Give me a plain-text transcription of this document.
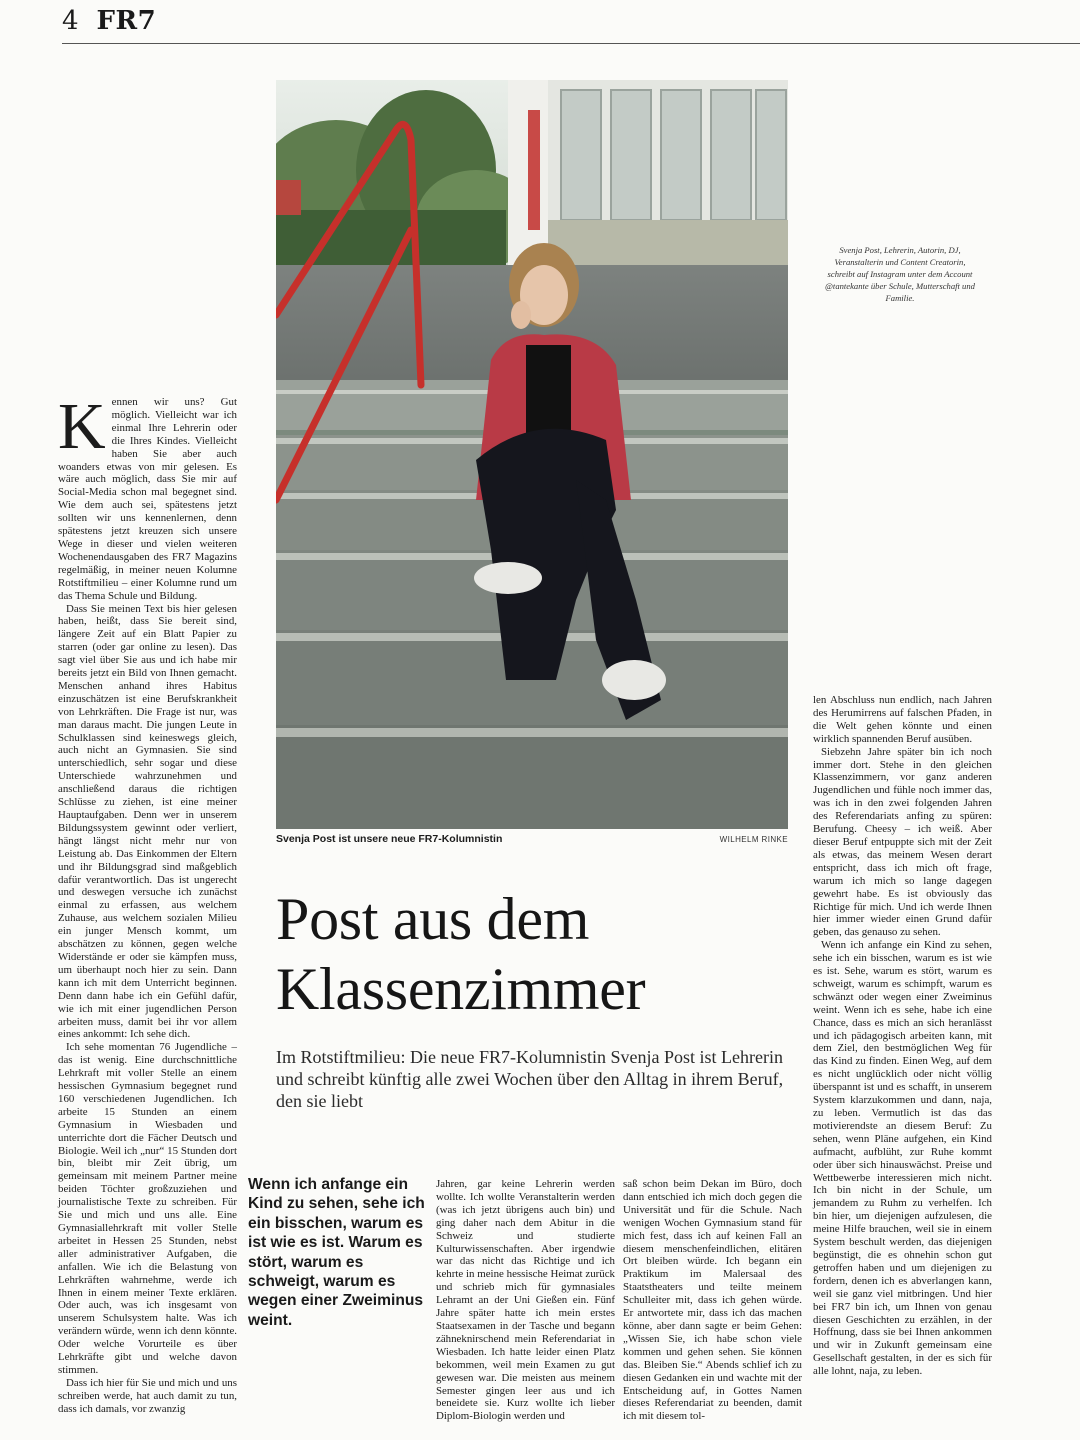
4 FR7

Kennen wir uns? Gut möglich. Vielleicht war ich einmal Ihre Lehrerin oder die Ihres Kindes. Vielleicht haben Sie aber auch woanders etwas von mir gelesen. Es wäre auch möglich, dass Sie mir auf Social-Media schon mal begegnet sind. Wie dem auch sei, spätestens jetzt sollten wir uns kennenlernen, denn spätestens jetzt kreuzen sich unsere Wege in dieser und vielen weiteren Wochenendausgaben des FR7 Magazins regelmäßig, in meiner neuen Kolumne Rotstiftmilieu – einer Kolumne rund um das Thema Schule und Bildung.

Dass Sie meinen Text bis hier gelesen haben, heißt, dass Sie bereit sind, längere Zeit auf ein Blatt Papier zu starren (oder gar online zu lesen). Das sagt viel über Sie aus und ich habe mir bereits jetzt ein Bild von Ihnen gemacht. Menschen anhand ihres Habitus einzuschätzen ist eine Berufskrankheit von Lehrkräften. Die Frage ist nur, was man daraus macht. Die jungen Leute in Schulklassen sind keineswegs gleich, auch nicht an Gymnasien. Sie sind unterschiedlich, sehr sogar und diese Unterschiede wahrzunehmen und anschließend daraus die richtigen Schlüsse zu ziehen, ist eine meiner Hauptaufgaben. Denn wer in unserem Bildungssystem gewinnt oder verliert, hängt längst nicht mehr nur von Leistung ab. Das Einkommen der Eltern und ihr Bildungsgrad sind maßgeblich dafür verantwortlich. Das ist ungerecht und deswegen versuche ich zunächst einmal zu erfassen, aus welchem Zuhause, aus welchem sozialen Milieu ein junger Mensch kommt, um abschätzen zu können, gegen welche Widerstände er oder sie kämpfen muss, um überhaupt noch hier zu sein. Dann kann ich mit dem Unterricht beginnen. Denn dann habe ich ein Gefühl dafür, wie ich mit einer jugendlichen Person arbeiten muss, damit bei ihr vor allem eines ankommt: Ich sehe dich.

Ich sehe momentan 76 Jugendliche – das ist wenig. Eine durchschnittliche Lehrkraft mit voller Stelle an einem hessischen Gymnasium begegnet rund 160 verschiedenen Jugendlichen. Ich arbeite 15 Stunden an einem Gymnasium in Wiesbaden und unterrichte dort die Fächer Deutsch und Biologie. Weil ich „nur“ 15 Stunden dort bin, bleibt mir Zeit übrig, um gemeinsam mit meinem Partner meine beiden Töchter großzuziehen und journalistische Texte zu schreiben. Für Sie und mich und uns alle. Eine Gymnasiallehrkraft mit voller Stelle arbeitet in Hessen 25 Stunden, nebst aller administrativer Aufgaben, die anfallen. Wie ich die Belastung von Lehrkräften wahrnehme, werde ich Ihnen in einem meiner Texte erklären. Oder auch, was ich insgesamt von unserem Schulsystem halte. Was ich verändern würde, wenn ich denn könnte. Oder welche Vorurteile es über Lehrkräfte gibt und welche davon stimmen.

Dass ich hier für Sie und mich und uns schreiben werde, hat auch damit zu tun, dass ich damals, vor zwanzig

Svenja Post ist unsere neue FR7-Kolumnistin	WILHELM RINKE
Svenja Post, Lehrerin, Autorin, DJ, Veranstalterin und Content Creatorin, schreibt auf Instagram unter dem Account @tantekante über Schule, Mutterschaft und Familie.
Post aus dem
Klassenzimmer
Im Rotstiftmilieu: Die neue FR7-Kolumnistin Svenja Post ist Lehrerin und schreibt künftig alle zwei Wochen über den Alltag in ihrem Beruf, den sie liebt
Wenn ich anfange ein Kind zu sehen, sehe ich ein bisschen, warum es ist wie es ist. Warum es stört, warum es schweigt, warum es wegen einer Zweiminus weint.

Jahren, gar keine Lehrerin werden wollte. Ich wollte Veranstalterin werden (was ich jetzt übrigens auch bin) und ging daher nach dem Abitur in die Schweiz und studierte Kulturwissenschaften. Aber irgendwie war das nicht das Richtige und ich kehrte in meine hessische Heimat zurück und schrieb mich für gymnasiales Lehramt an der Uni Gießen ein. Fünf Jahre später hatte ich mein erstes Staatsexamen in der Tasche und begann zähneknirschend mein Referendariat in Wiesbaden. Ich hatte leider einen Platz bekommen, weil mein Examen zu gut gewesen war. Die meisten aus meinem Semester gingen leer aus und ich beneidete sie. Kurz wollte ich lieber Diplom-Biologin werden und

saß schon beim Dekan im Büro, doch dann entschied ich mich doch gegen die Universität und für die Schule. Nach wenigen Wochen Gymnasium stand für mich fest, dass ich auf keinen Fall an diesem menschenfeindlichen, elitären Ort bleiben würde. Ich begann ein Praktikum im Malersaal des Staatstheaters und teilte meinem Schulleiter mit, dass ich gehen würde. Er antwortete mir, dass ich das machen könne, aber dann sagte er beim Gehen: „Wissen Sie, ich habe schon viele kommen und gehen sehen. Sie können das. Bleiben Sie.“ Abends schlief ich zu diesen Gedanken ein und wachte mit der Entscheidung auf, in Gottes Namen dieses Referendariat zu beenden, damit ich mit diesem tol-

len Abschluss nun endlich, nach Jahren des Herumirrens auf falschen Pfaden, in die Welt gehen könnte und einen wirklich spannenden Beruf ausüben.

Siebzehn Jahre später bin ich noch immer dort. Stehe in den gleichen Klassenzimmern, vor ganz anderen Jugendlichen und fühle noch immer das, was ich in den zwei folgenden Jahren des Referendariats anfing zu spüren: Berufung. Cheesy – ich weiß. Aber dieser Beruf entpuppte sich mit der Zeit als etwas, das meinem Wesen derart entspricht, dass ich mich oft frage, warum ich mich so lange dagegen gewehrt habe. Es ist obviously das Richtige für mich. Und ich werde Ihnen hier immer wieder einen Grund dafür geben, das genauso zu sehen.

Wenn ich anfange ein Kind zu sehen, sehe ich ein bisschen, warum es ist wie es ist. Sehe, warum es stört, warum es schweigt, warum es schimpft, warum es schwänzt oder wegen einer Zweiminus weint. Wenn ich es sehe, habe ich eine Chance, dass es mich an sich heranlässt und ich pädagogisch arbeiten kann, mit dem Ziel, den bestmöglichen Weg für das Kind zu finden. Einen Weg, auf dem es nicht unglücklich oder nicht völlig überspannt ist und es schafft, in unserem System klarzukommen und dann, naja, zu leben. Vermutlich ist das das motivierendste an diesem Beruf: Zu sehen, wenn Pläne aufgehen, ein Kind aufmacht, aufblüht, zur Ruhe kommt oder über sich hinauswächst. Preise und Wettbewerbe interessieren mich nicht. Ich bin nicht in der Schule, um jemandem zu Ruhm zu verhelfen. Ich bin hier, um diejenigen aufzulesen, die meine Hilfe brauchen, weil sie in einem System beschult werden, das diejenigen begünstigt, die es ohnehin schon gut getroffen haben und um diejenigen zu fordern, denen ich es abverlangen kann, weil sie ganz viel mitbringen. Und hier bei FR7 bin ich, um Ihnen von genau diesen Geschichten zu erzählen, in der Hoffnung, dass sie bei Ihnen ankommen und wir in Zukunft gemeinsam eine Gesellschaft gestalten, in der es sich für alle lohnt, naja, zu leben.
